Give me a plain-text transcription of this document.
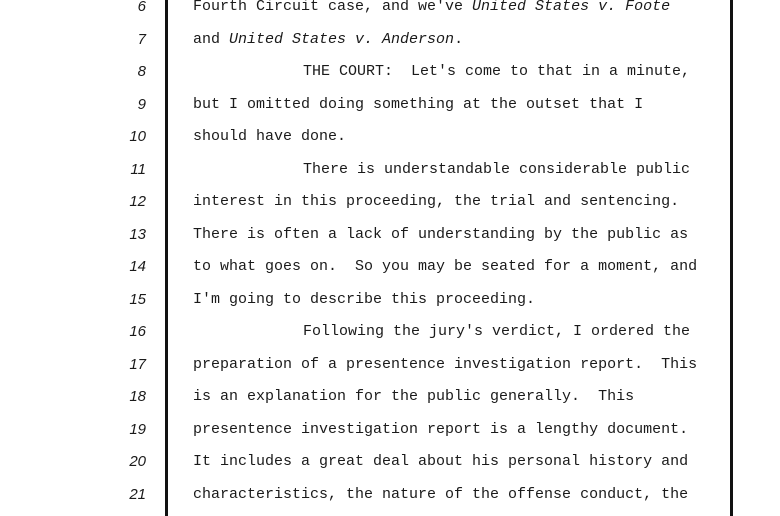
6	Fourth Circuit case, and we've United States v. Foote
7	and United States v. Anderson.
8	THE COURT:  Let's come to that in a minute,
9	but I omitted doing something at the outset that I
10	should have done.
11	There is understandable considerable public
12	interest in this proceeding, the trial and sentencing.
13	There is often a lack of understanding by the public as
14	to what goes on.  So you may be seated for a moment, and
15	I'm going to describe this proceeding.
16	Following the jury's verdict, I ordered the
17	preparation of a presentence investigation report.  This
18	is an explanation for the public generally.  This
19	presentence investigation report is a lengthy document.
20	It includes a great deal about his personal history and
21	characteristics, the nature of the offense conduct, the
